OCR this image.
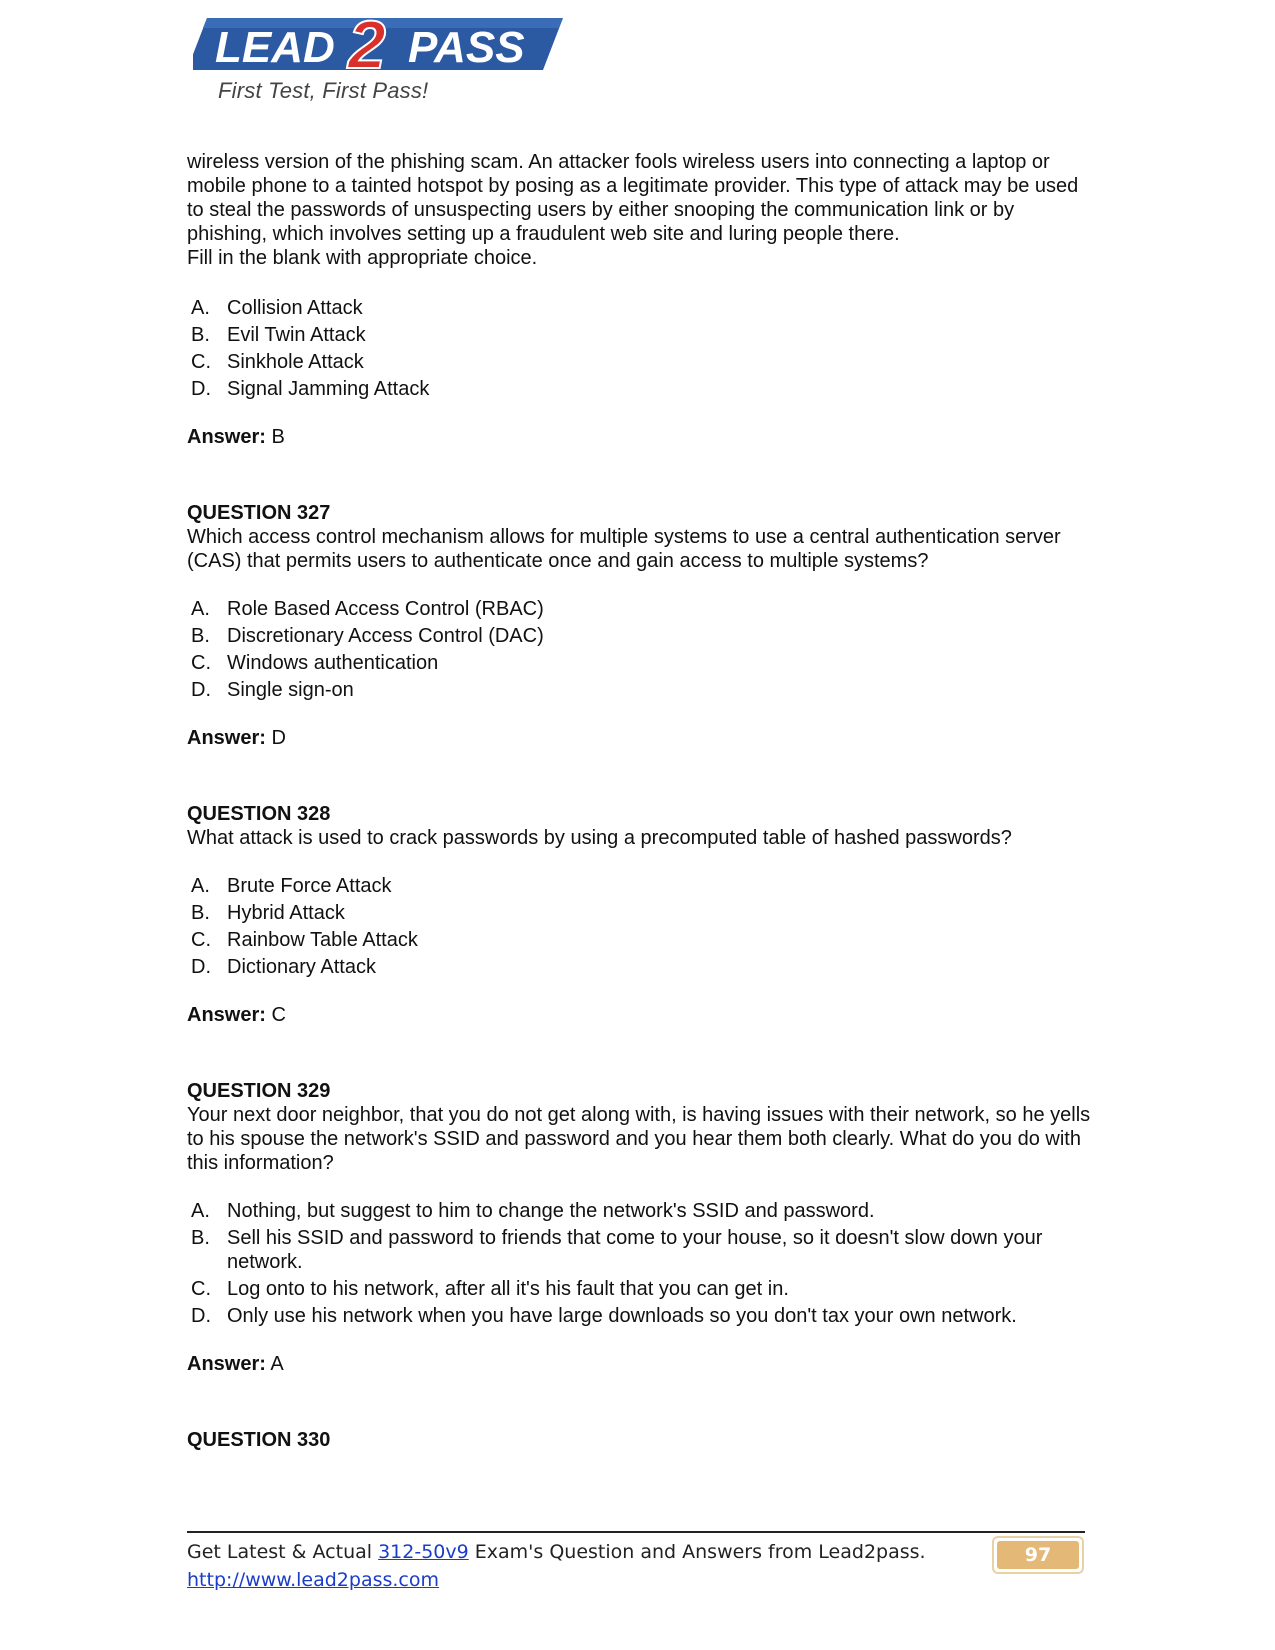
LEAD 2 PASS
First Test, First Pass!

wireless version of the phishing scam. An attacker fools wireless users into connecting a laptop or mobile phone to a tainted hotspot by posing as a legitimate provider. This type of attack may be used to steal the passwords of unsuspecting users by either snooping the communication link or by phishing, which involves setting up a fraudulent web site and luring people there.

Fill in the blank with appropriate choice.

A. Collision Attack
B. Evil Twin Attack
C. Sinkhole Attack
D. Signal Jamming Attack

Answer: B

QUESTION 327

Which access control mechanism allows for multiple systems to use a central authentication server (CAS) that permits users to authenticate once and gain access to multiple systems?

A. Role Based Access Control (RBAC)
B. Discretionary Access Control (DAC)
C. Windows authentication
D. Single sign-on

Answer: D

QUESTION 328

What attack is used to crack passwords by using a precomputed table of hashed passwords?

A. Brute Force Attack
B. Hybrid Attack
C. Rainbow Table Attack
D. Dictionary Attack

Answer: C

QUESTION 329

Your next door neighbor, that you do not get along with, is having issues with their network, so he yells to his spouse the network's SSID and password and you hear them both clearly. What do you do with this information?

A. Nothing, but suggest to him to change the network's SSID and password.
B. Sell his SSID and password to friends that come to your house, so it doesn't slow down your network.
C. Log onto to his network, after all it's his fault that you can get in.
D. Only use his network when you have large downloads so you don't tax your own network.

Answer: A

QUESTION 330

Get Latest & Actual 312-50v9 Exam's Question and Answers from Lead2pass.
http://www.lead2pass.com
97
